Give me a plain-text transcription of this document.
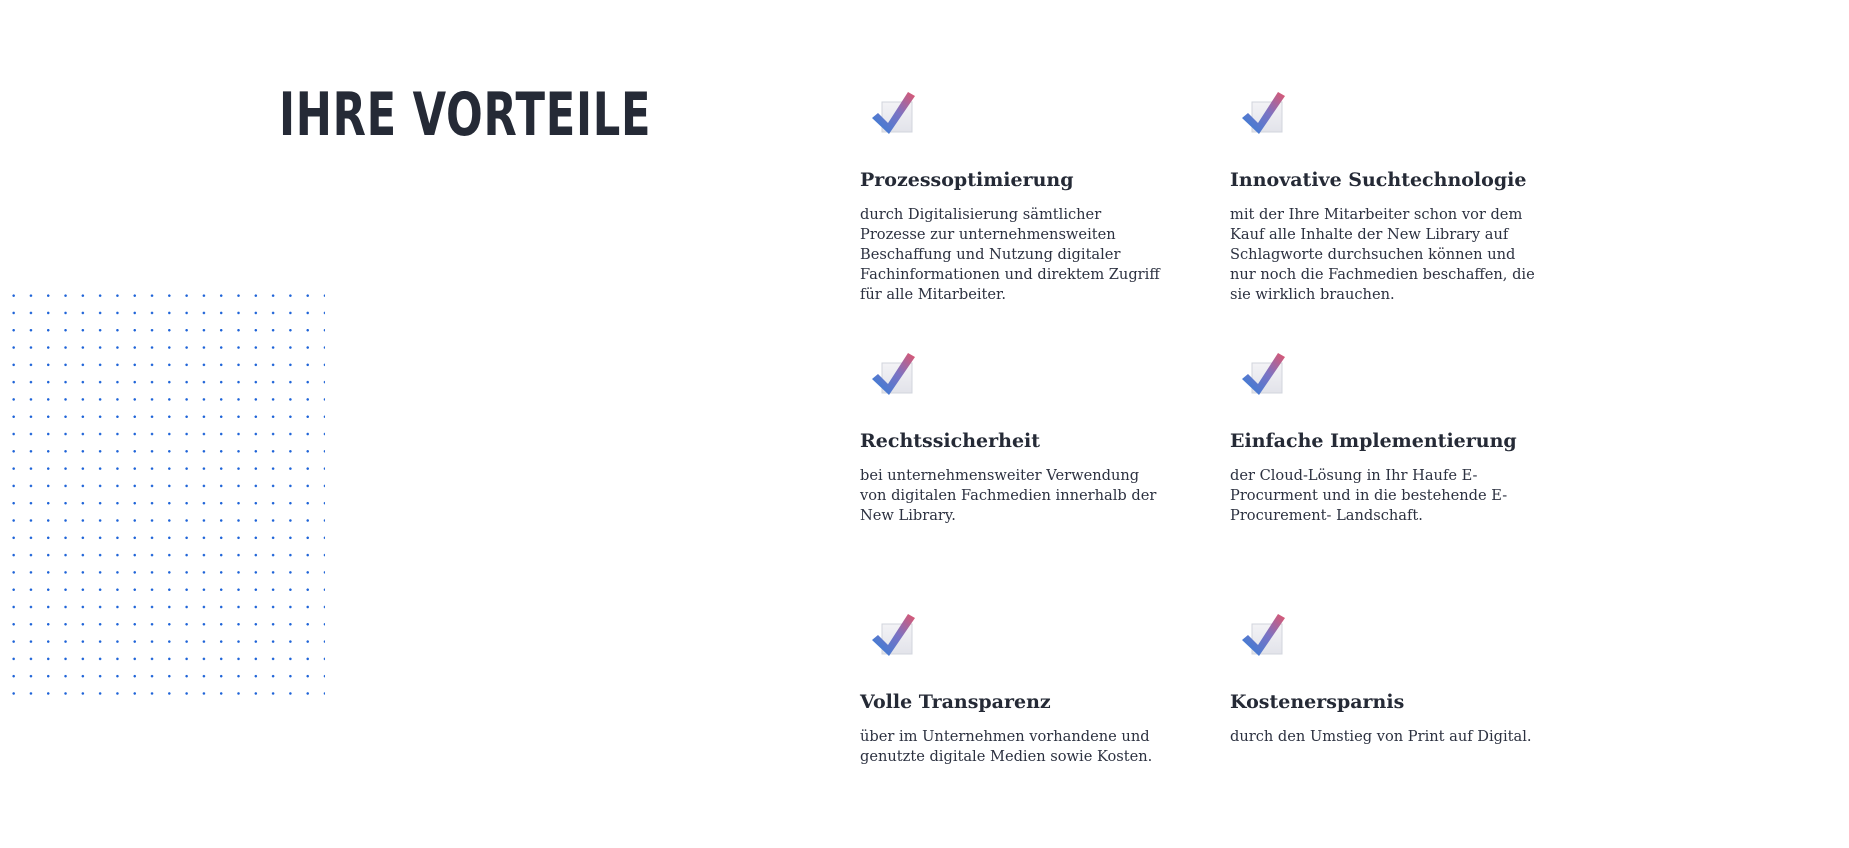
IHRE VORTEILE
Prozessoptimierung

durch Digitalisierung sämtlicher Prozesse zur unternehmensweiten Beschaffung und Nutzung digitaler Fachinformationen und direktem Zugriff für alle Mitarbeiter.

Innovative Suchtechnologie

mit der Ihre Mitarbeiter schon vor dem Kauf alle Inhalte der New Library auf Schlagworte durchsuchen können und nur noch die Fachmedien beschaffen, die sie wirklich brauchen.

Rechtssicherheit

bei unternehmensweiter Verwendung von digitalen Fachmedien innerhalb der New Library.

Einfache Implementierung

der Cloud-Lösung in Ihr Haufe E-Procurment und in die bestehende E-Procurement- Landschaft.

Volle Transparenz

über im Unternehmen vorhandene und genutzte digitale Medien sowie Kosten.

Kostenersparnis

durch den Umstieg von Print auf Digital.
